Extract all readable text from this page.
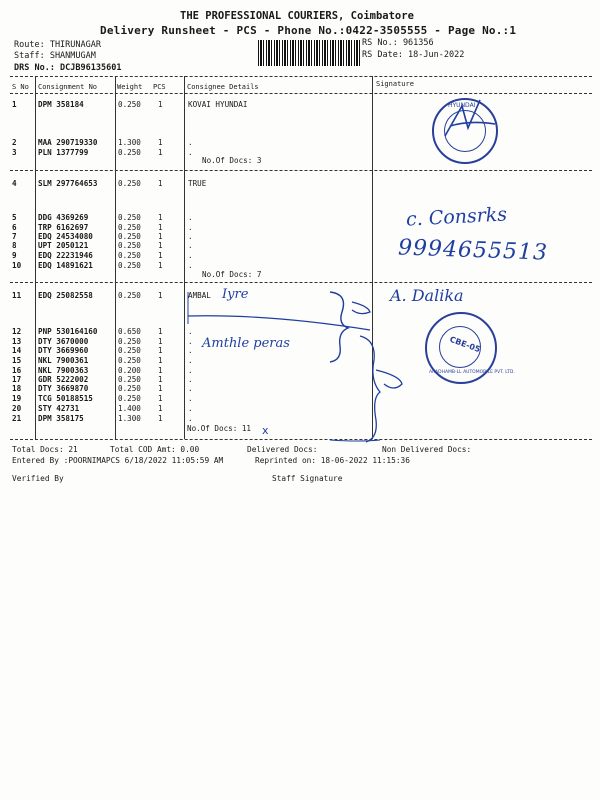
THE PROFESSIONAL COURIERS, Coimbatore
Delivery Runsheet - PCS - Phone No.:0422-3505555 - Page No.:1
Route: THIRUNAGAR
Staff: SHANMUGAM
DRS No.: DCJB96135601
RS No.: 961356
RS Date: 18-Jun-2022
S No Consignment No	Weight PCS	Consignee Details	Signature
1	DPM 358184	0.250 1	KOVAI HYUNDAI
2	MAA 290719330	1.300 1	.
3	PLN 1377799	0.250 1	.
4	SLM 297764653	0.250 1	TRUE
5	DDG 4369269	0.250 1	.
6	TRP 6162697	0.250 1	.
7	EDQ 24534080	0.250 1	.
8	UPT 2050121	0.250 1	.
9	EDQ 22231946	0.250 1	.
10 EDQ 14891621	0.250 1	.
11 EDQ 25082558	0.250 1	AMBAL
12 PNP 530164160	0.650 1	.
13 DTY 3670000	0.250 1	.
14 DTY 3669960	0.250 1	.
15 NKL 7900361	0.250 1	.
16 NKL 7900363	0.200 1	.
17 GDR 5222002	0.250 1	.
18 DTY 3669870	0.250 1	.
19 TCG 50188515	0.250 1	.
20 STY 42731	1.400 1	.
21 DPM 358175	1.300 1	.
No.Of Docs: 3
No.Of Docs: 7
No.Of Docs: 11
Total Docs: 21	Total COD Amt: 0.00	Delivered Docs:	Non Delivered Docs:
Entered By :POORNIMAPCS 6/18/2022 11:05:59 AM	Reprinted on: 18-06-2022 11:15:36
Verified By	Staff Signature
HYUNDAI
CBE-05
ARADHAMB-LL AUTOMOBILE PVT. LTD.
c. Consrks
9994655513
A. Dalika
Iyre
Amthle peras
x
